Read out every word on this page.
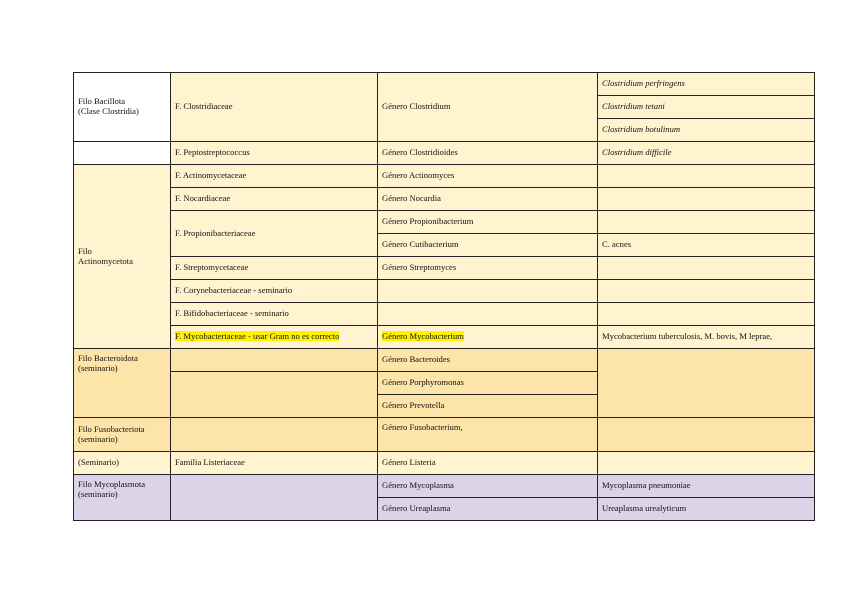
Filo Bacillota
(Clase Clostridia)	F. Clostridiaceae	Género Clostridium	Clostridium perfringens
			Clostridium tetani
			Clostridium botulinum
	F. Peptostreptococcus	Género Clostridioides	Clostridium difficile

Filo
Actinomycetota	F. Actinomycetaceae	Género Actinomyces	
	F. Nocardiaceae	Género Nocardia	
	F. Propionibacteriaceae	Género Propionibacterium	
		Género Cutibacterium	C. acnes
	F. Streptomycetaceae	Género Streptomyces	
	F. Corynebacteriaceae - seminario		
	F. Bifidobacteriaceae - seminario		
	F. Mycobacteriaceae - usar Gram no es correcto	Género Mycobacterium	Mycobacterium tuberculosis, M. bovis, M leprae,

Filo Bacteroidota
(seminario)		Género Bacteroides	
		Género Porphyromonas	
		Género Prevotella	

Filo Fusobacteriota
(seminario)		Género Fusobacterium,	
(Seminario)	Familia Listeriaceae	Género Listeria	

Filo Mycoplasmota
(seminario)		Género Mycoplasma	Mycoplasma pneumoniae
		Género Ureaplasma	Ureaplasma urealyticum
